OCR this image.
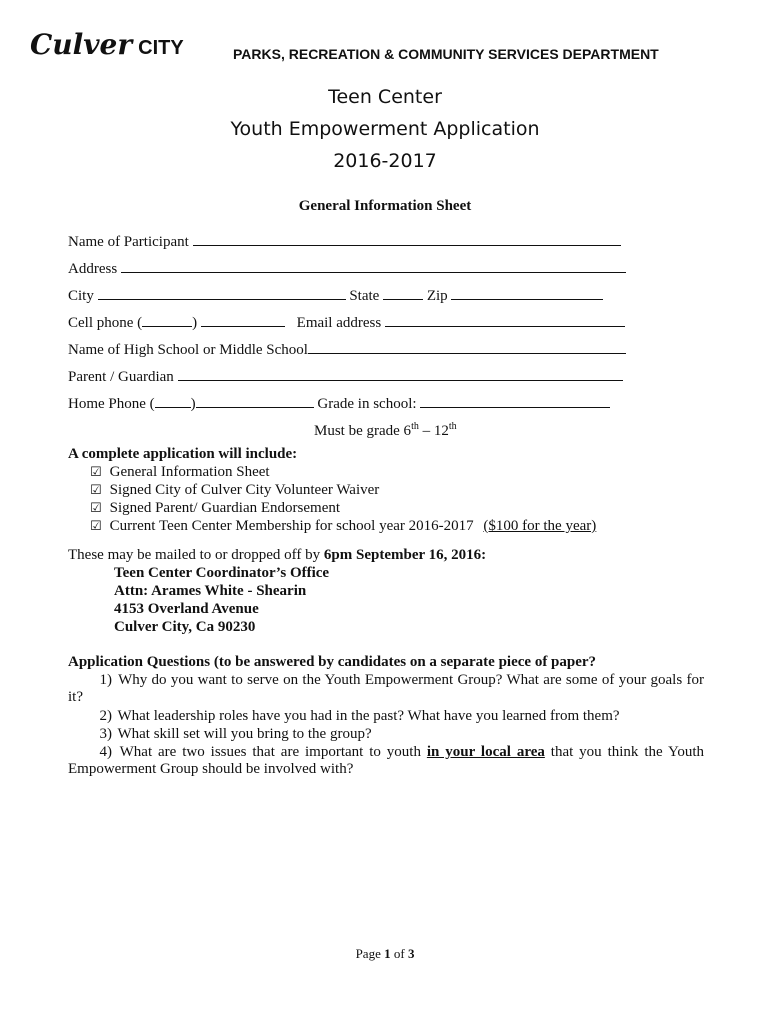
Culver CITY	PARKS, RECREATION & COMMUNITY SERVICES DEPARTMENT
Teen Center
Youth Empowerment Application
2016-2017
General Information Sheet
Name of Participant
Address
City	State	Zip
Cell phone (	)	Email address
Name of High School or Middle School
Parent / Guardian
Home Phone ( )	Grade in school:
Must be grade 6th – 12th
A complete application will include:
☑ General Information Sheet
☑ Signed City of Culver City Volunteer Waiver
☑ Signed Parent/ Guardian Endorsement
☑ Current Teen Center Membership for school year 2016-2017 ($100 for the year)
These may be mailed to or dropped off by 6pm September 16, 2016:
Teen Center Coordinator’s Office
Attn: Arames White - Shearin
4153 Overland Avenue
Culver City, Ca 90230
Application Questions (to be answered by candidates on a separate piece of paper?
1) Why do you want to serve on the Youth Empowerment Group? What are some of your goals for it?
2) What leadership roles have you had in the past? What have you learned from them?
3) What skill set will you bring to the group?
4) What are two issues that are important to youth in your local area that you think the Youth Empowerment Group should be involved with?
Page 1 of 3
